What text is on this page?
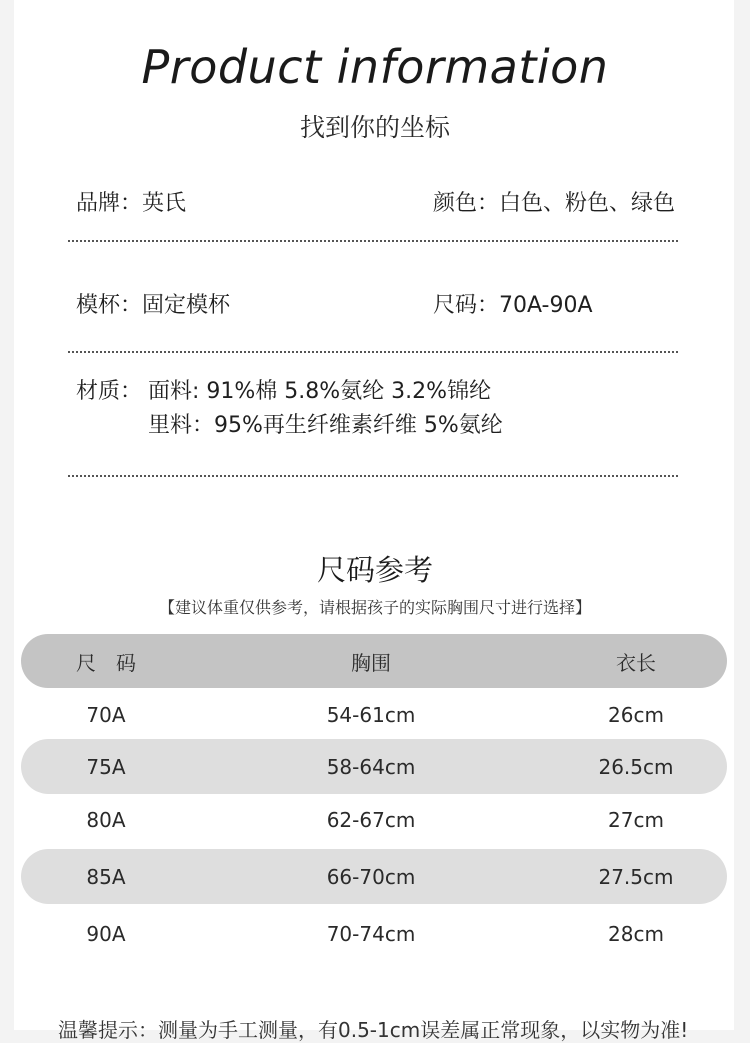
Product information
找到你的坐标
品牌：英氏	颜色：白色、粉色、绿色
模杯：固定模杯	尺码：70A-90A
材质： 面料: 91%棉 5.8%氨纶 3.2%锦纶
里料：95%再生纤维素纤维 5%氨纶
尺码参考
【建议体重仅供参考，请根据孩子的实际胸围尺寸进行选择】
尺　码	胸围	衣长
70A	54-61cm	26cm
75A	58-64cm	26.5cm
80A	62-67cm	27cm
85A	66-70cm	27.5cm
90A	70-74cm	28cm
温馨提示：测量为手工测量，有0.5-1cm误差属正常现象，以实物为准!
